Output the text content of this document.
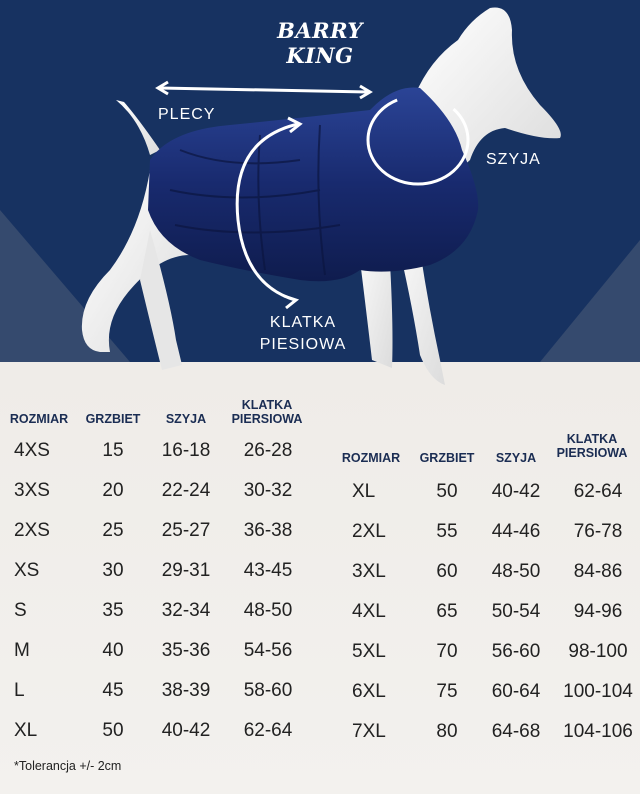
BARRY KING
PLECY
SZYJA
KLATKA
PIESIOWA
ROZMIAR	GRZBIET	SZYJA
KLATKA
PIERSIOWA
4XS	15	16-18	26-28
3XS	20	22-24	30-32
2XS	25	25-27	36-38
XS	30	29-31	43-45
S	35	32-34	48-50
M	40	35-36	54-56
L	45	38-39	58-60
XL	50	40-42	62-64
ROZMIAR	GRZBIET	SZYJA
KLATKA
PIERSIOWA
XL	50	40-42	62-64
2XL	55	44-46	76-78
3XL	60	48-50	84-86
4XL	65	50-54	94-96
5XL	70	56-60	98-100
6XL	75	60-64	100-104
7XL	80	64-68	104-106
*Tolerancja +/- 2cm
